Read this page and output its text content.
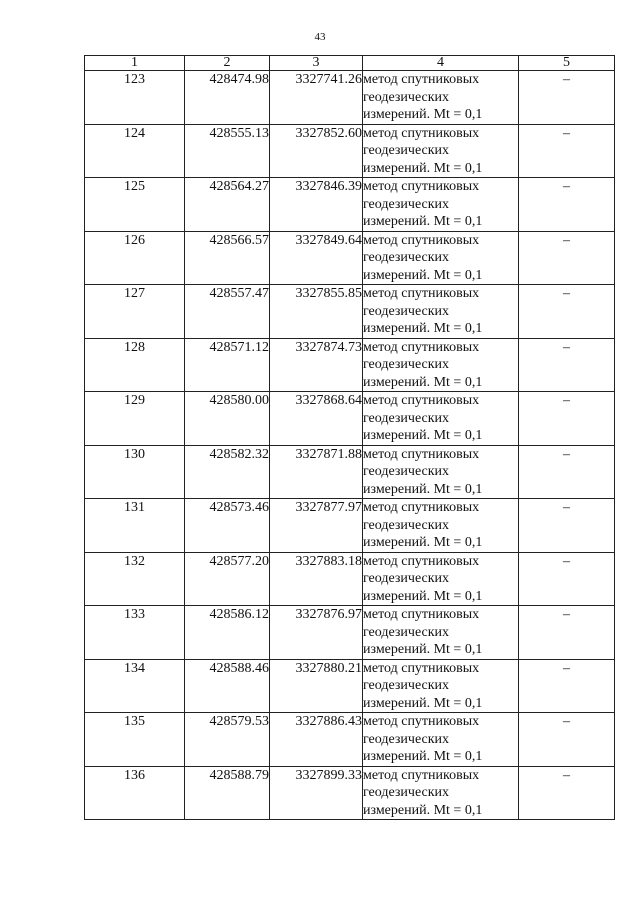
43
1	2	3	4	5
123	428474.98	3327741.26	метод спутниковых
геодезических
измерений. Mt = 0,1	–
124	428555.13	3327852.60	метод спутниковых
геодезических
измерений. Mt = 0,1	–
125	428564.27	3327846.39	метод спутниковых
геодезических
измерений. Mt = 0,1	–
126	428566.57	3327849.64	метод спутниковых
геодезических
измерений. Mt = 0,1	–
127	428557.47	3327855.85	метод спутниковых
геодезических
измерений. Mt = 0,1	–
128	428571.12	3327874.73	метод спутниковых
геодезических
измерений. Mt = 0,1	–
129	428580.00	3327868.64	метод спутниковых
геодезических
измерений. Mt = 0,1	–
130	428582.32	3327871.88	метод спутниковых
геодезических
измерений. Mt = 0,1	–
131	428573.46	3327877.97	метод спутниковых
геодезических
измерений. Mt = 0,1	–
132	428577.20	3327883.18	метод спутниковых
геодезических
измерений. Mt = 0,1	–
133	428586.12	3327876.97	метод спутниковых
геодезических
измерений. Mt = 0,1	–
134	428588.46	3327880.21	метод спутниковых
геодезических
измерений. Mt = 0,1	–
135	428579.53	3327886.43	метод спутниковых
геодезических
измерений. Mt = 0,1	–
136	428588.79	3327899.33	метод спутниковых
геодезических
измерений. Mt = 0,1	–
